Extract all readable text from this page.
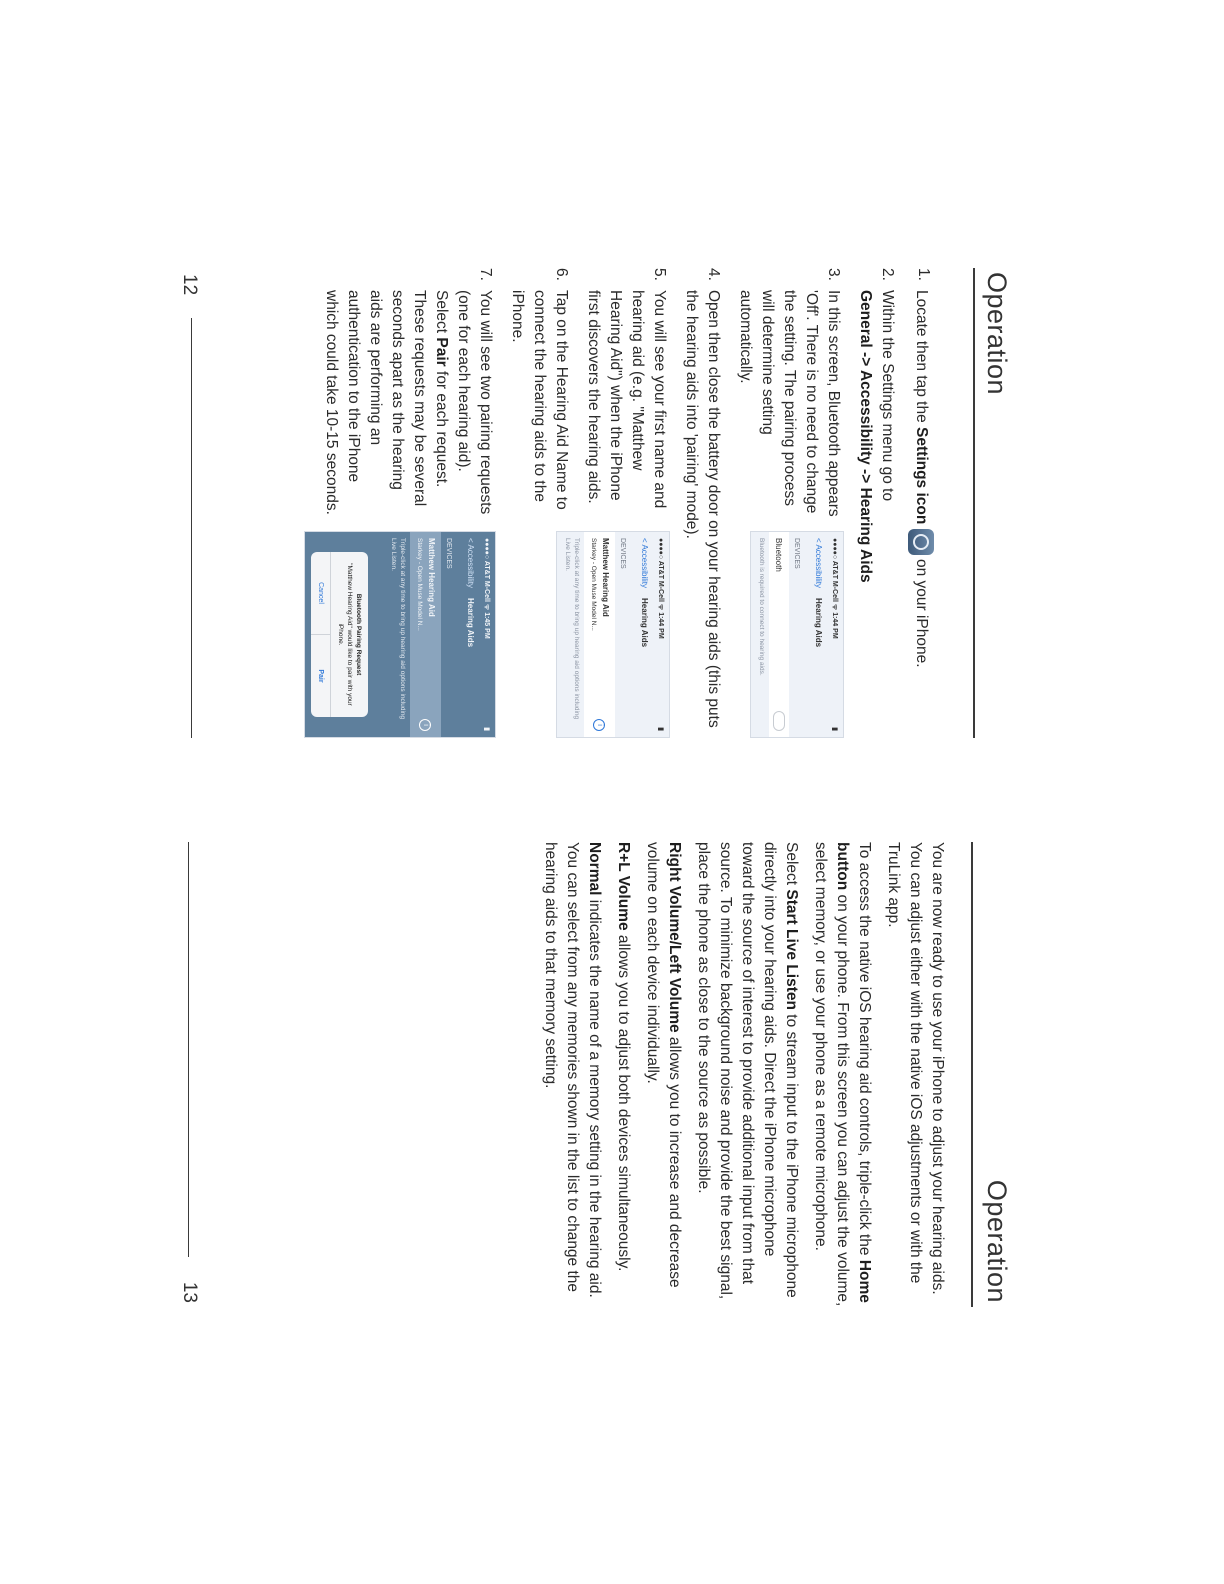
Operation
1.
Locate then tap the Settings icon  on your iPhone.
2.
Within the Settings menu go to
General -> Accessibility -> Hearing Aids
●●●●○ AT&T M-Cell ᯤ 1:44 PM
▮
< AccessibilityHearing Aids
DEVICES
Bluetooth
Bluetooth is required to connect to hearing aids.
3.
In this screen, Bluetooth appears 'Off'. There is no need to change the setting. The pairing process will determine setting automatically.
4.
Open then close the battery door on your hearing aids (this puts the hearing aids into 'pairing' mode).
●●●●○ AT&T M-Cell ᯤ 1:44 PM
▮
< AccessibilityHearing Aids
DEVICES
Matthew Hearing Aid
Starkey - Open Muse Model N...
i
Triple-click at any time to bring up hearing aid options including Live Listen.
5.
You will see your first name and hearing aid (e.g. "Matthew Hearing Aid") when the iPhone first discovers the hearing aids.
6.
Tap on the Hearing Aid Name to connect the hearing aids to the iPhone.
●●●●○ AT&T M-Cell ᯤ 1:45 PM
▮
< AccessibilityHearing Aids
DEVICES
Matthew Hearing Aid
Starkey - Open Muse Model N...
i
Triple-click at any time to bring up hearing aid options including Live Listen.
Bluetooth Pairing Request
"Matthew Hearing Aid" would like to pair with your iPhone.
Cancel
Pair
7.
You will see two pairing requests (one for each hearing aid). Select Pair for each request. These requests may be several seconds apart as the hearing aids are performing an authentication to the iPhone which could take 10-15 seconds.
12
Operation

You are now ready to use your iPhone to adjust your hearing aids. You can adjust either with the native iOS adjustments or with the TruLink app.

To access the native iOS hearing aid controls, triple-click the Home button on your phone. From this screen you can adjust the volume, select memory, or use your phone as a remote microphone.

Select Start Live Listen to stream input to the iPhone microphone directly into your hearing aids. Direct the iPhone microphone toward the source of interest to provide additional input from that source. To minimize background noise and provide the best signal, place the phone as close to the source as possible.

Right Volume/Left Volume allows you to increase and decrease volume on each device individually.

R+L Volume allows you to adjust both devices simultaneously.

Normal indicates the name of a memory setting in the hearing aid. You can select from any memories shown in the list to change the hearing aids to that memory setting.

13
